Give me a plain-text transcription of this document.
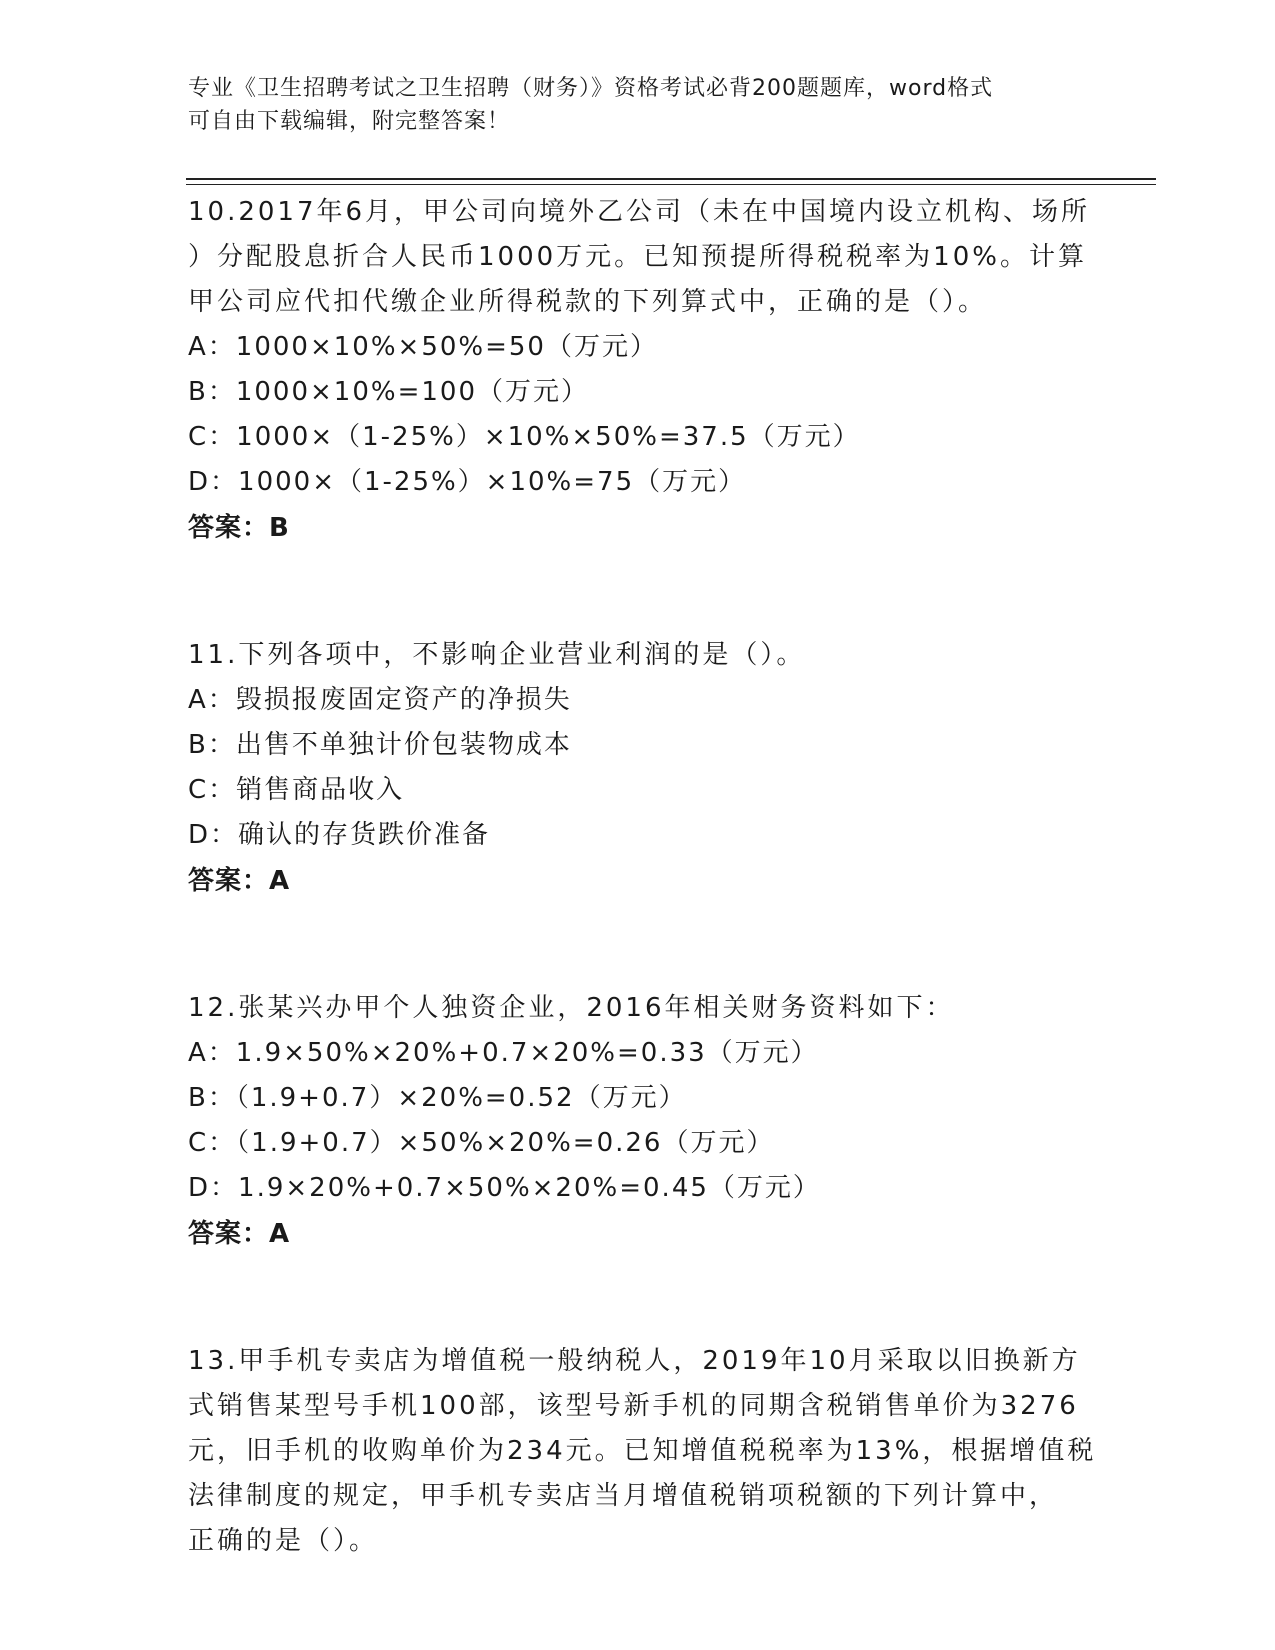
专业《卫生招聘考试之卫生招聘（财务）》资格考试必背200题题库，word格式
可自由下载编辑，附完整答案！
10.2017年6月，甲公司向境外乙公司（未在中国境内设立机构、场所
）分配股息折合人民币1000万元。已知预提所得税税率为10%。计算
甲公司应代扣代缴企业所得税款的下列算式中，正确的是（）。
A：1000×10%×50%=50（万元）
B：1000×10%=100（万元）
C：1000×（1-25%）×10%×50%=37.5（万元）
D：1000×（1-25%）×10%=75（万元）
答案：B
11.下列各项中，不影响企业营业利润的是（）。
A：毁损报废固定资产的净损失
B：出售不单独计价包装物成本
C：销售商品收入
D：确认的存货跌价准备
答案：A
12.张某兴办甲个人独资企业，2016年相关财务资料如下：
A：1.9×50%×20%+0.7×20%=0.33（万元）
B：（1.9+0.7）×20%=0.52（万元）
C：（1.9+0.7）×50%×20%=0.26（万元）
D：1.9×20%+0.7×50%×20%=0.45（万元）
答案：A
13.甲手机专卖店为增值税一般纳税人，2019年10月采取以旧换新方
式销售某型号手机100部，该型号新手机的同期含税销售单价为3276
元，旧手机的收购单价为234元。已知增值税税率为13%，根据增值税
法律制度的规定，甲手机专卖店当月增值税销项税额的下列计算中，
正确的是（）。
